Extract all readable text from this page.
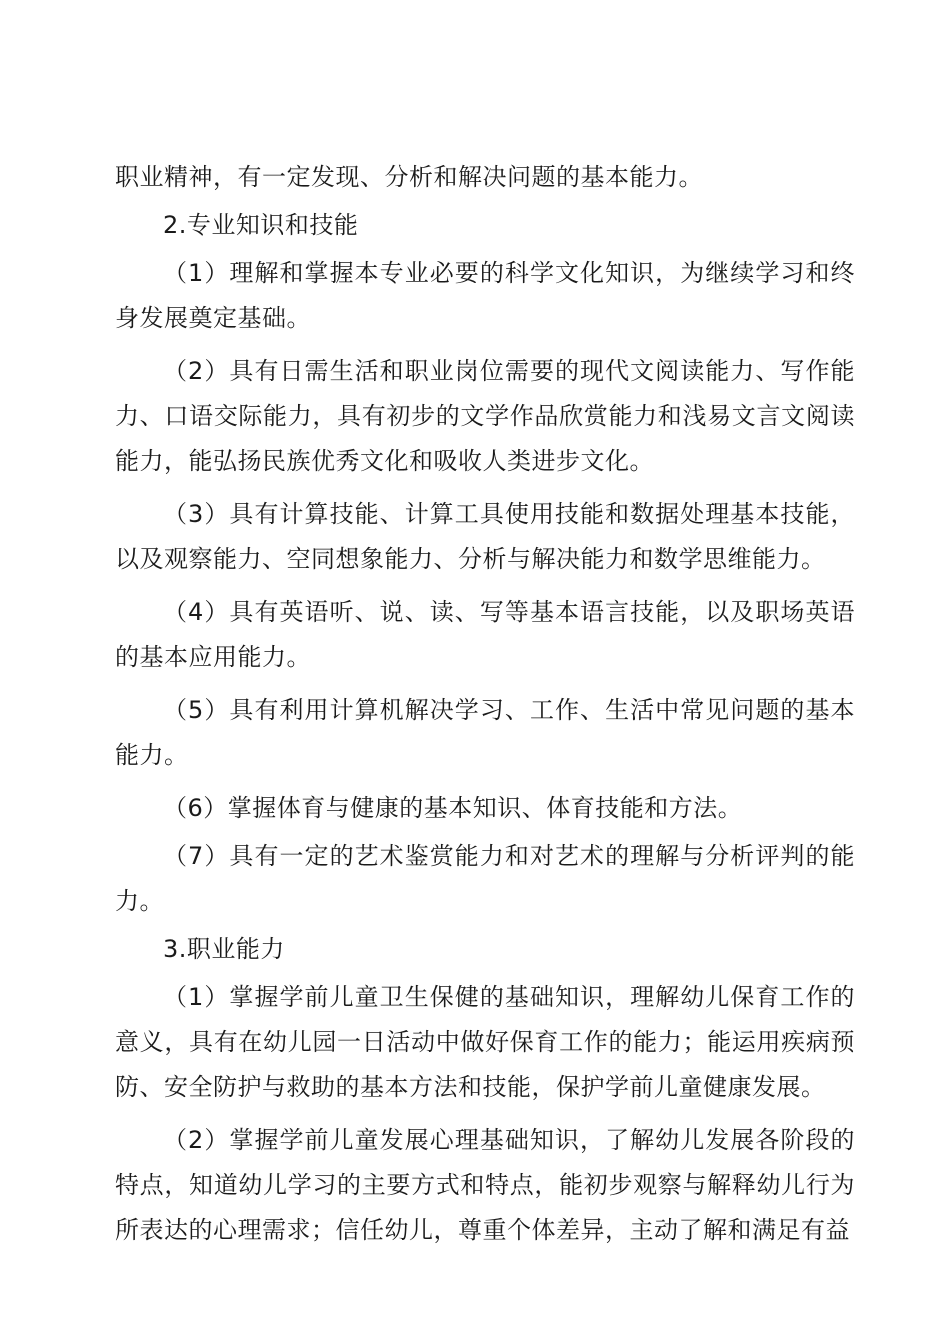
职业精神，有一定发现、分析和解决问题的基本能力。

2.专业知识和技能

（1）理解和掌握本专业必要的科学文化知识，为继续学习和终身发展奠定基础。

（2）具有日需生活和职业岗位需要的现代文阅读能力、写作能力、口语交际能力，具有初步的文学作品欣赏能力和浅易文言文阅读能力，能弘扬民族优秀文化和吸收人类进步文化。

（3）具有计算技能、计算工具使用技能和数据处理基本技能，以及观察能力、空同想象能力、分析与解决能力和数学思维能力。

（4）具有英语听、说、读、写等基本语言技能，以及职场英语的基本应用能力。

（5）具有利用计算机解决学习、工作、生活中常见问题的基本能力。

（6）掌握体育与健康的基本知识、体育技能和方法。

（7）具有一定的艺术鉴赏能力和对艺术的理解与分析评判的能力。

3.职业能力

（1）掌握学前儿童卫生保健的基础知识，理解幼儿保育工作的意义，具有在幼儿园一日活动中做好保育工作的能力；能运用疾病预防、安全防护与救助的基本方法和技能，保护学前儿童健康发展。

（2）掌握学前儿童发展心理基础知识，了解幼儿发展各阶段的特点，知道幼儿学习的主要方式和特点，能初步观察与解释幼儿行为所表达的心理需求；信任幼儿，尊重个体差异，主动了解和满足有益
